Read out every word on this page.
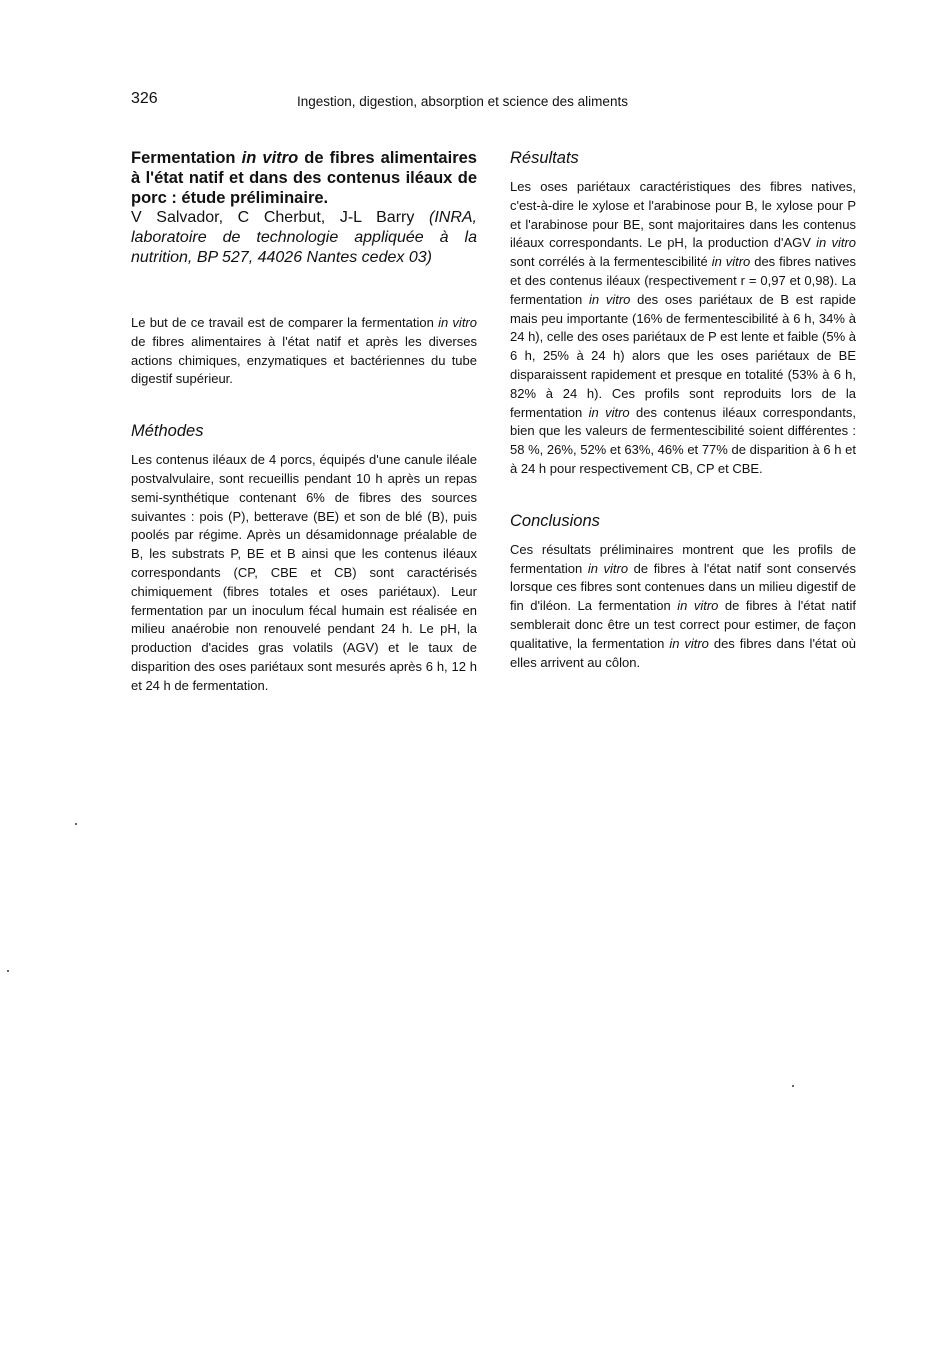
326	Ingestion, digestion, absorption et science des aliments

Fermentation in vitro de fibres alimentaires à l'état natif et dans des contenus iléaux de porc : étude préliminaire.

V Salvador, C Cherbut, J-L Barry (INRA, laboratoire de technologie appliquée à la nutrition, BP 527, 44026 Nantes cedex 03)

Le but de ce travail est de comparer la fermentation in vitro de fibres alimentaires à l'état natif et après les diverses actions chimiques, enzymatiques et bactériennes du tube digestif supérieur.

Méthodes

Les contenus iléaux de 4 porcs, équipés d'une canule iléale postvalvulaire, sont recueillis pendant 10 h après un repas semi-synthétique contenant 6% de fibres des sources suivantes : pois (P), betterave (BE) et son de blé (B), puis poolés par régime. Après un désamidonnage préalable de B, les substrats P, BE et B ainsi que les contenus iléaux correspondants (CP, CBE et CB) sont caractérisés chimiquement (fibres totales et oses pariétaux). Leur fermentation par un inoculum fécal humain est réalisée en milieu anaérobie non renouvelé pendant 24 h. Le pH, la production d'acides gras volatils (AGV) et le taux de disparition des oses pariétaux sont mesurés après 6 h, 12 h et 24 h de fermentation.

Résultats

Les oses pariétaux caractéristiques des fibres natives, c'est-à-dire le xylose et l'arabinose pour B, le xylose pour P et l'arabinose pour BE, sont majoritaires dans les contenus iléaux correspondants. Le pH, la production d'AGV in vitro sont corrélés à la fermentescibilité in vitro des fibres natives et des contenus iléaux (respectivement r = 0,97 et 0,98). La fermentation in vitro des oses pariétaux de B est rapide mais peu importante (16% de fermentescibilité à 6 h, 34% à 24 h), celle des oses pariétaux de P est lente et faible (5% à 6 h, 25% à 24 h) alors que les oses pariétaux de BE disparaissent rapidement et presque en totalité (53% à 6 h, 82% à 24 h). Ces profils sont reproduits lors de la fermentation in vitro des contenus iléaux correspondants, bien que les valeurs de fermentescibilité soient différentes : 58 %, 26%, 52% et 63%, 46% et 77% de disparition à 6 h et à 24 h pour respectivement CB, CP et CBE.

Conclusions

Ces résultats préliminaires montrent que les profils de fermentation in vitro de fibres à l'état natif sont conservés lorsque ces fibres sont contenues dans un milieu digestif de fin d'iléon. La fermentation in vitro de fibres à l'état natif semblerait donc être un test correct pour estimer, de façon qualitative, la fermentation in vitro des fibres dans l'état où elles arrivent au côlon.
